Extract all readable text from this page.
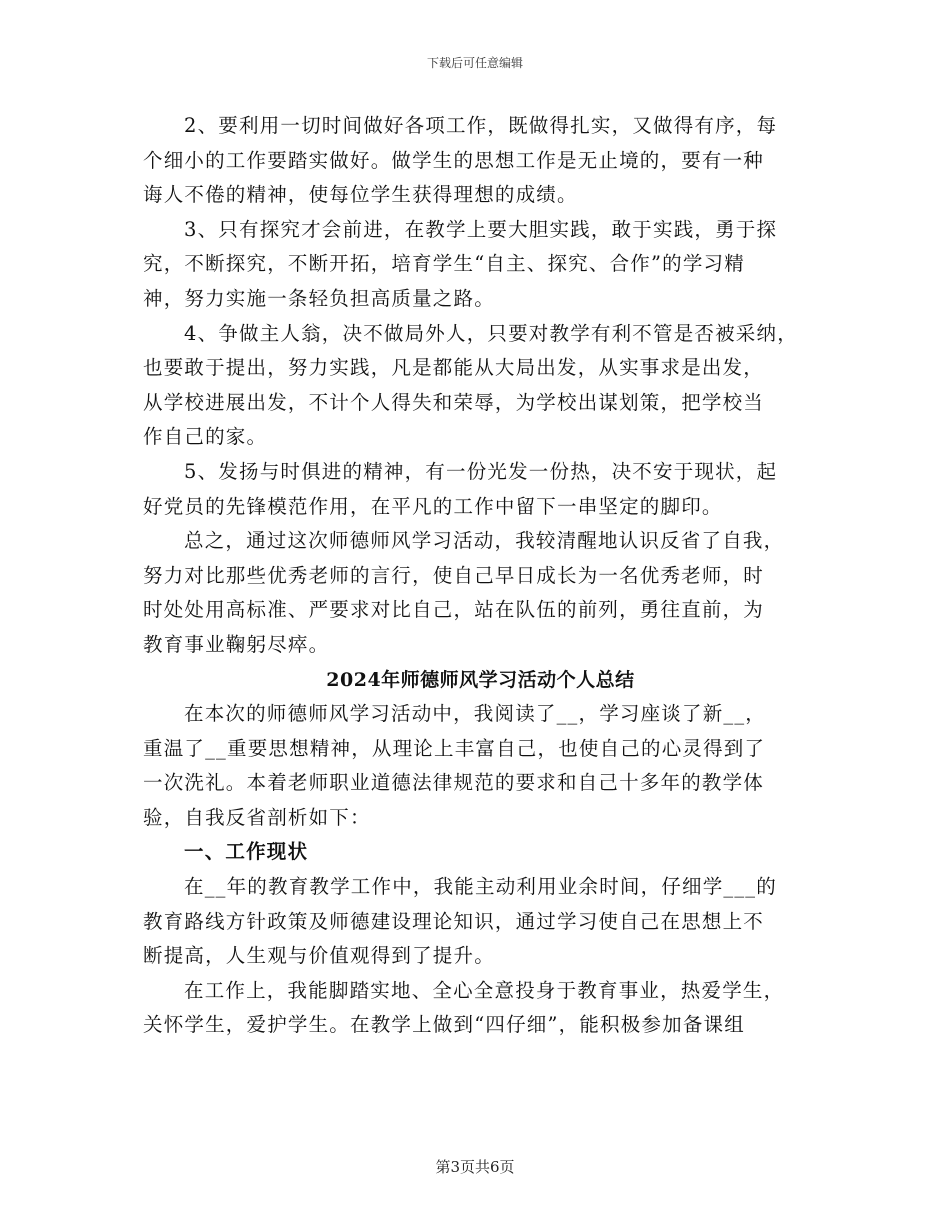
下载后可任意编辑
2、要利用一切时间做好各项工作，既做得扎实，又做得有序，每
个细小的工作要踏实做好。做学生的思想工作是无止境的，要有一种
诲人不倦的精神，使每位学生获得理想的成绩。
3、只有探究才会前进，在教学上要大胆实践，敢于实践，勇于探
究，不断探究，不断开拓，培育学生“自主、探究、合作”的学习精
神，努力实施一条轻负担高质量之路。
4、争做主人翁，决不做局外人，只要对教学有利不管是否被采纳，
也要敢于提出，努力实践，凡是都能从大局出发，从实事求是出发，
从学校进展出发，不计个人得失和荣辱，为学校出谋划策，把学校当
作自己的家。
5、发扬与时俱进的精神，有一份光发一份热，决不安于现状，起
好党员的先锋模范作用，在平凡的工作中留下一串坚定的脚印。
总之，通过这次师德师风学习活动，我较清醒地认识反省了自我，
努力对比那些优秀老师的言行，使自己早日成长为一名优秀老师，时
时处处用高标准、严要求对比自己，站在队伍的前列，勇往直前，为
教育事业鞠躬尽瘁。
2024年师德师风学习活动个人总结
在本次的师德师风学习活动中，我阅读了__，学习座谈了新__，
重温了__重要思想精神，从理论上丰富自己，也使自己的心灵得到了
一次洗礼。本着老师职业道德法律规范的要求和自己十多年的教学体
验，自我反省剖析如下：
一、工作现状
在__年的教育教学工作中，我能主动利用业余时间，仔细学___的
教育路线方针政策及师德建设理论知识，通过学习使自己在思想上不
断提高，人生观与价值观得到了提升。
在工作上，我能脚踏实地、全心全意投身于教育事业，热爱学生，
关怀学生，爱护学生。在教学上做到“四仔细”，能积极参加备课组
第3页共6页
